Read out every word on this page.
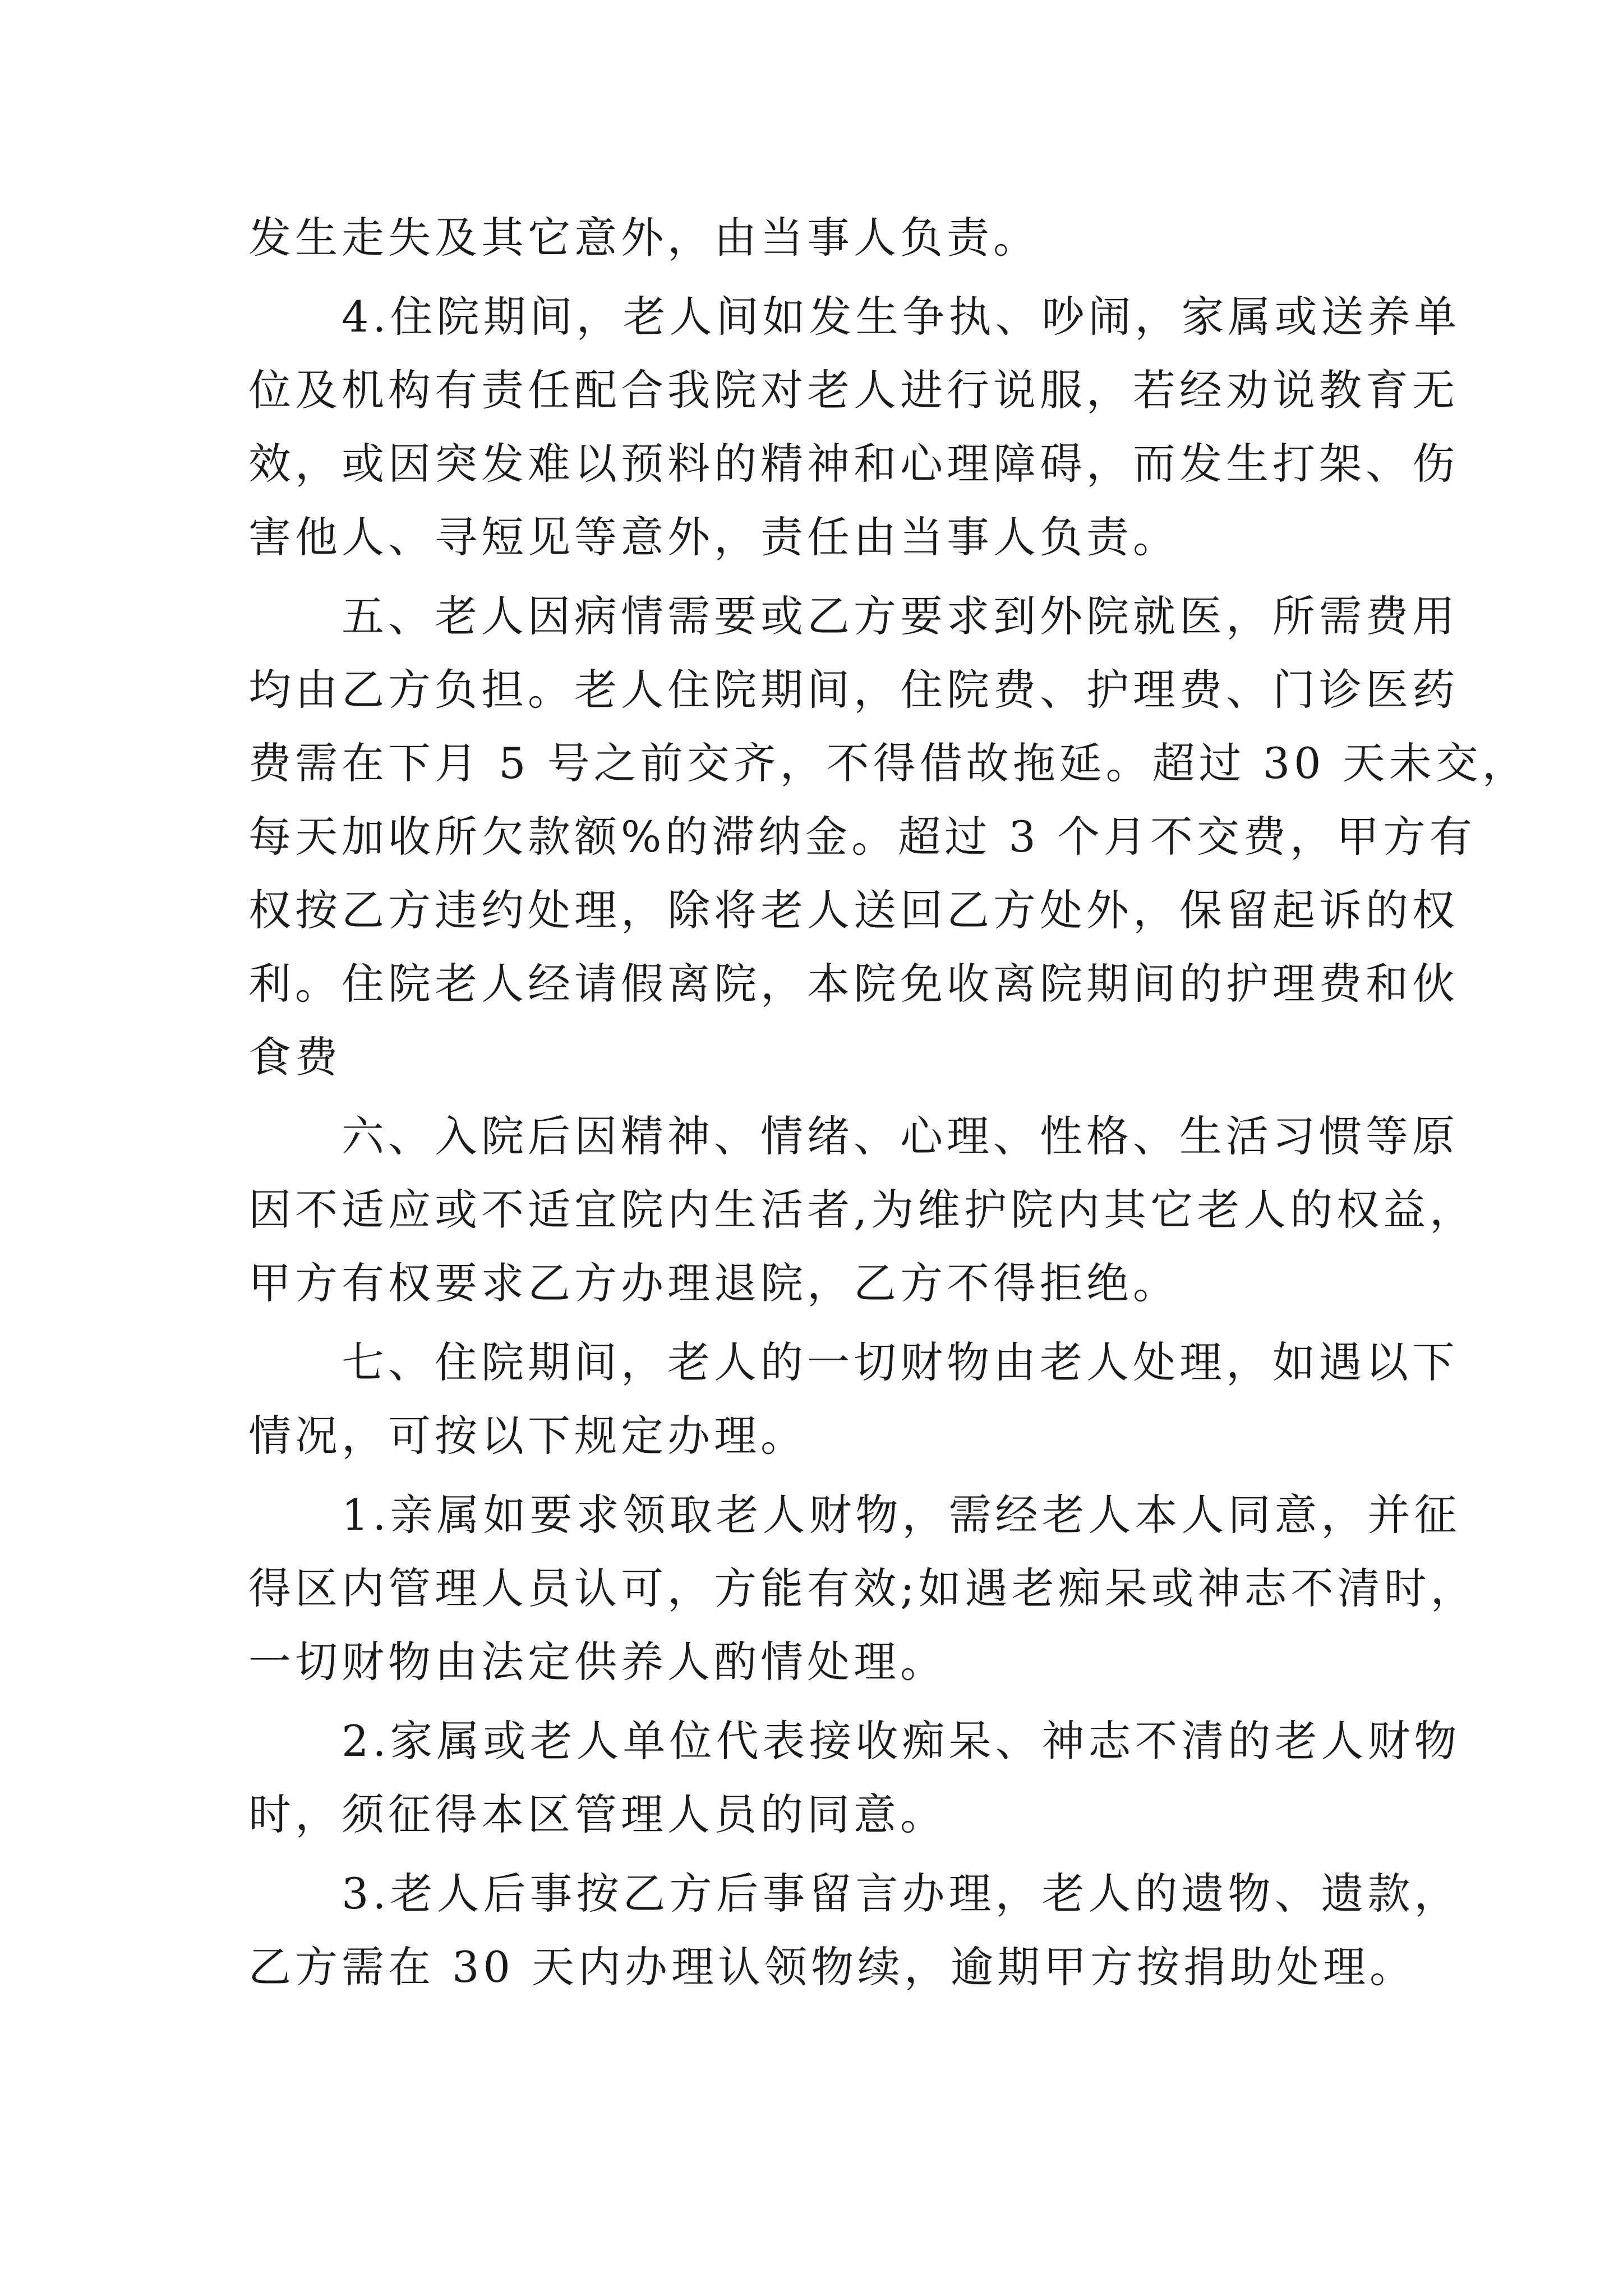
发生走失及其它意外，由当事人负责。
4.住院期间，老人间如发生争执、吵闹，家属或送养单
位及机构有责任配合我院对老人进行说服，若经劝说教育无
效，或因突发难以预料的精神和心理障碍，而发生打架、伤
害他人、寻短见等意外，责任由当事人负责。
五、老人因病情需要或乙方要求到外院就医，所需费用
均由乙方负担。老人住院期间，住院费、护理费、门诊医药
费需在下月 5 号之前交齐，不得借故拖延。超过 30 天未交，
每天加收所欠款额%的滞纳金。超过 3 个月不交费，甲方有
权按乙方违约处理，除将老人送回乙方处外，保留起诉的权
利。住院老人经请假离院，本院免收离院期间的护理费和伙
食费
六、入院后因精神、情绪、心理、性格、生活习惯等原
因不适应或不适宜院内生活者,为维护院内其它老人的权益，
甲方有权要求乙方办理退院，乙方不得拒绝。
七、住院期间，老人的一切财物由老人处理，如遇以下
情况，可按以下规定办理。
1.亲属如要求领取老人财物，需经老人本人同意，并征
得区内管理人员认可，方能有效;如遇老痴呆或神志不清时，
一切财物由法定供养人酌情处理。
2.家属或老人单位代表接收痴呆、神志不清的老人财物
时，须征得本区管理人员的同意。
3.老人后事按乙方后事留言办理，老人的遗物、遗款，
乙方需在 30 天内办理认领物续，逾期甲方按捐助处理。
